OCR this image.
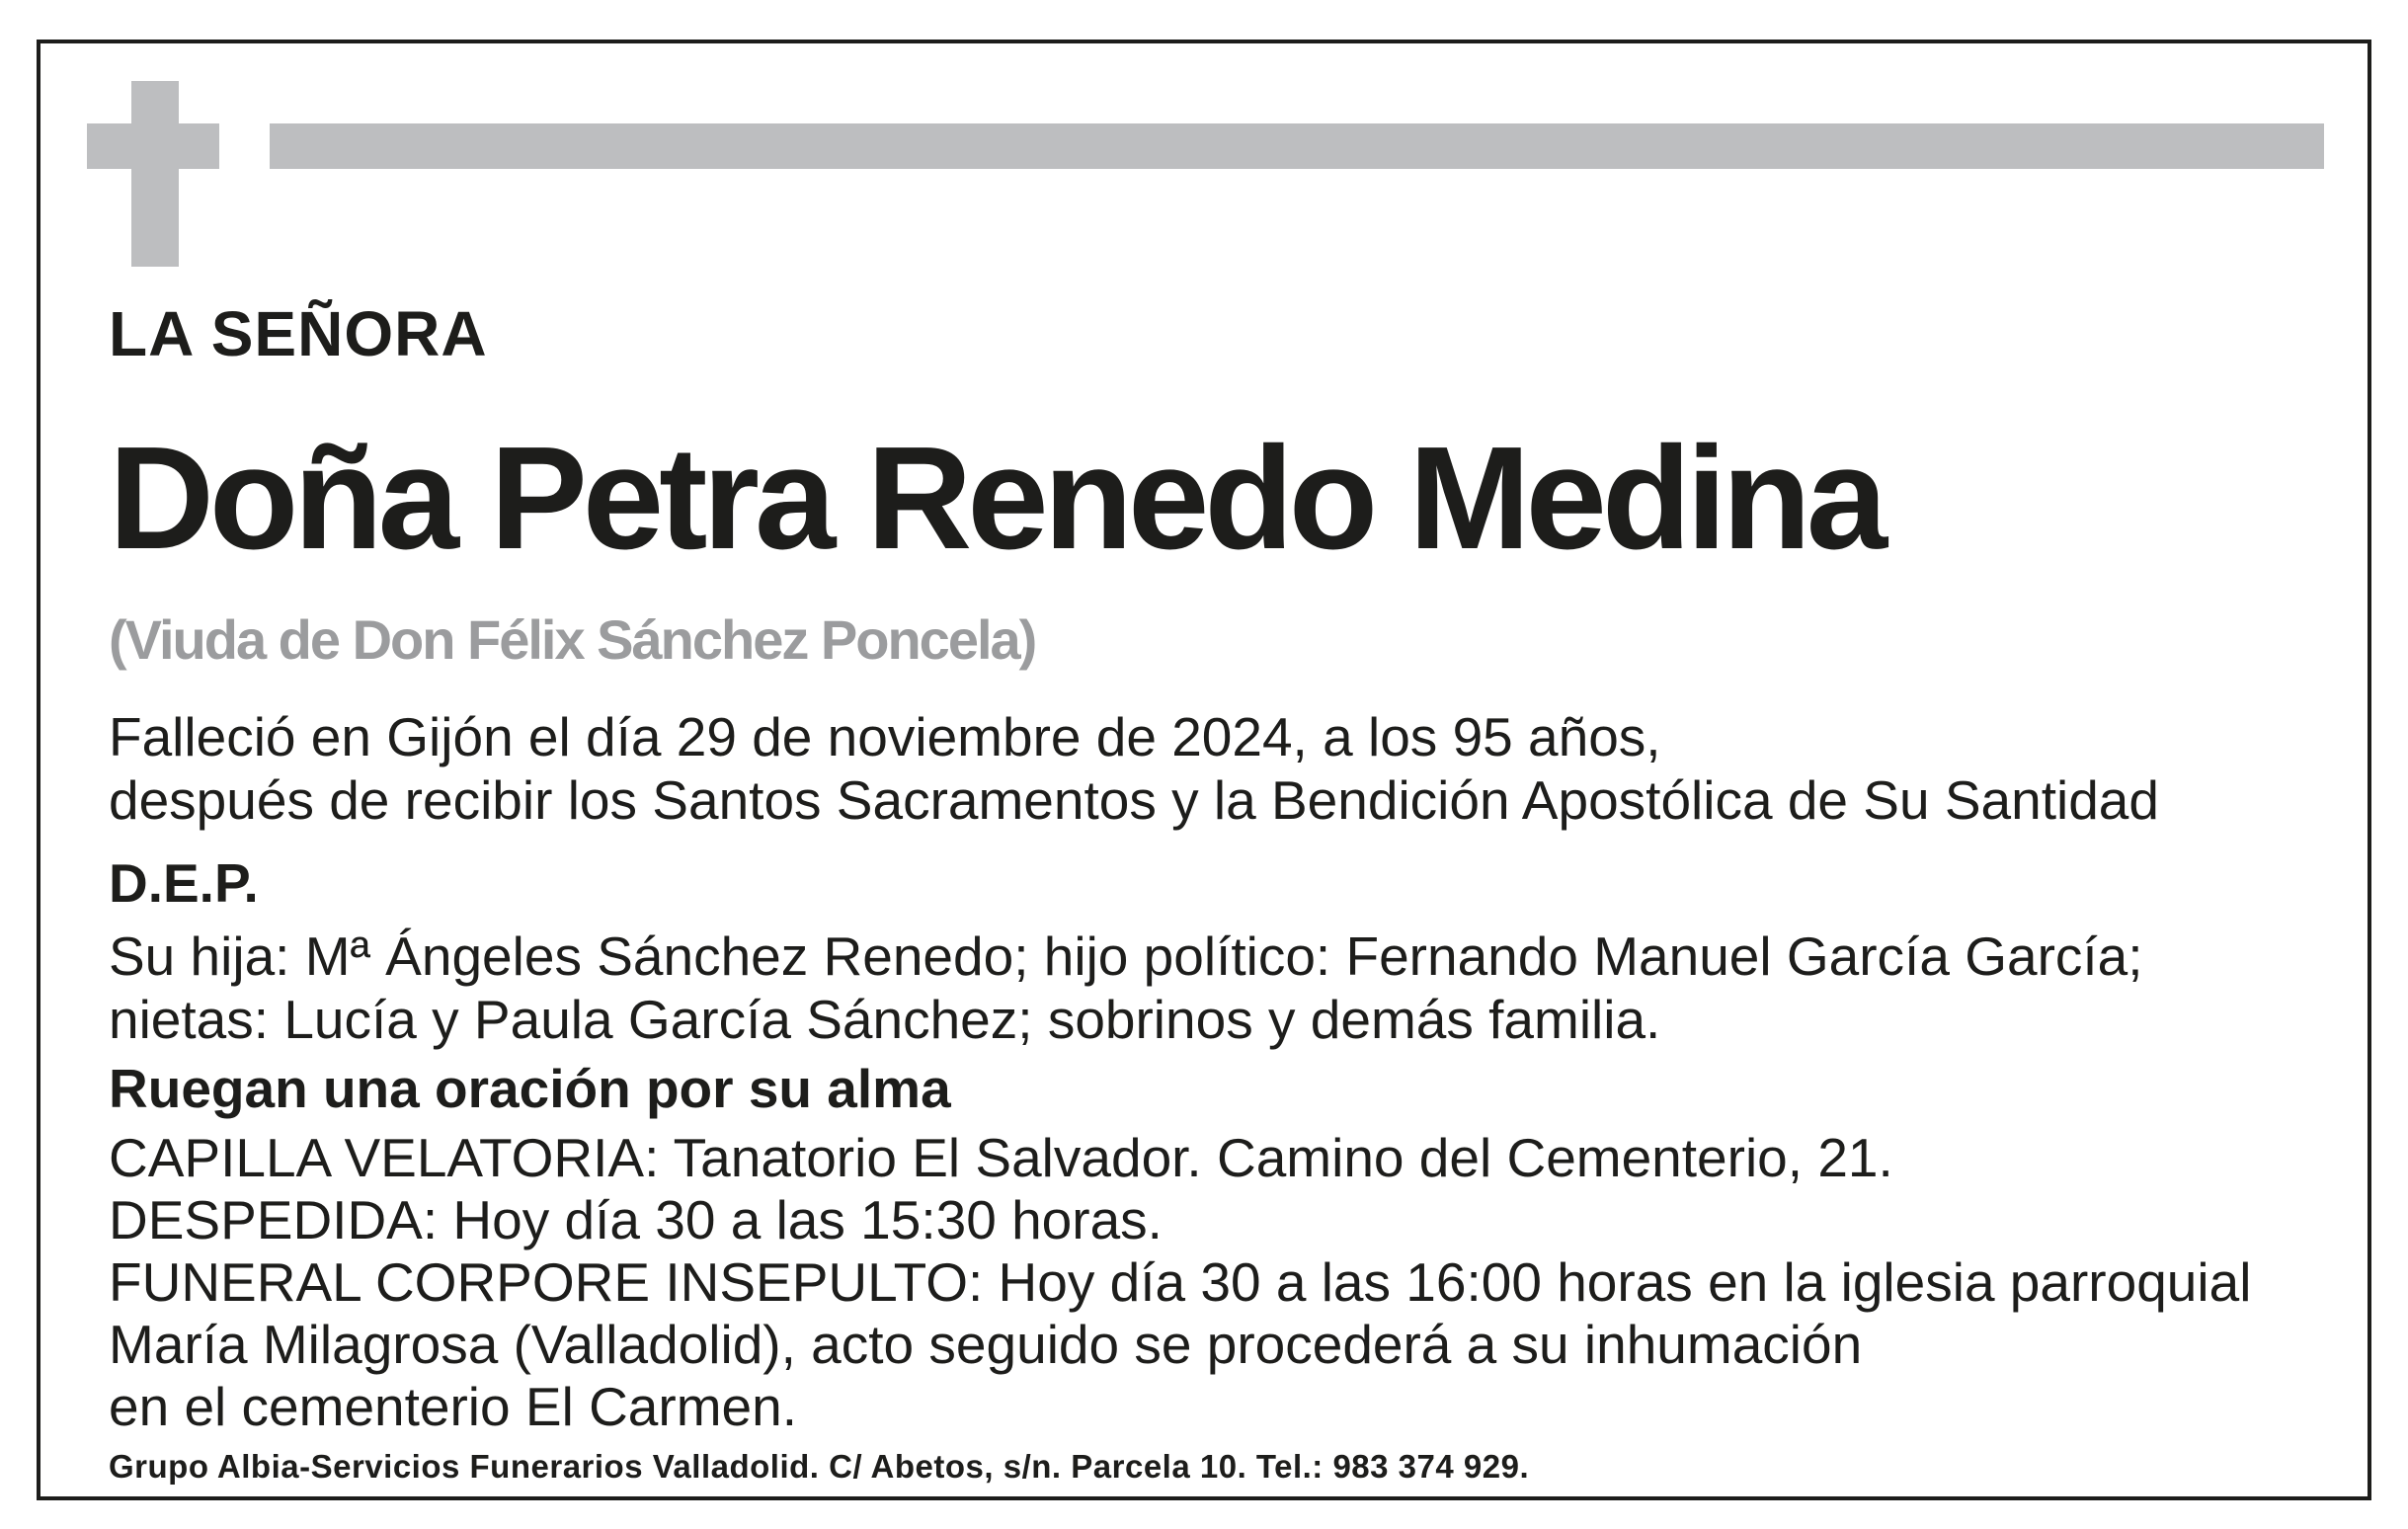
LA SEÑORA
Doña Petra Renedo Medina
(Viuda de Don Félix Sánchez Poncela)
Falleció en Gijón el día 29 de noviembre de 2024, a los 95 años,
después de recibir los Santos Sacramentos y la Bendición Apostólica de Su Santidad
D.E.P.
Su hija: Mª Ángeles Sánchez Renedo; hijo político: Fernando Manuel García García;
nietas: Lucía y Paula García Sánchez; sobrinos y demás familia.
Ruegan una oración por su alma
CAPILLA VELATORIA: Tanatorio El Salvador. Camino del Cementerio, 21.
DESPEDIDA: Hoy día 30 a las 15:30 horas.
FUNERAL CORPORE INSEPULTO: Hoy día 30 a las 16:00 horas en la iglesia parroquial
María Milagrosa (Valladolid), acto seguido se procederá a su inhumación
en el cementerio El Carmen.
Grupo Albia-Servicios Funerarios Valladolid. C/ Abetos, s/n. Parcela 10. Tel.: 983 374 929.
